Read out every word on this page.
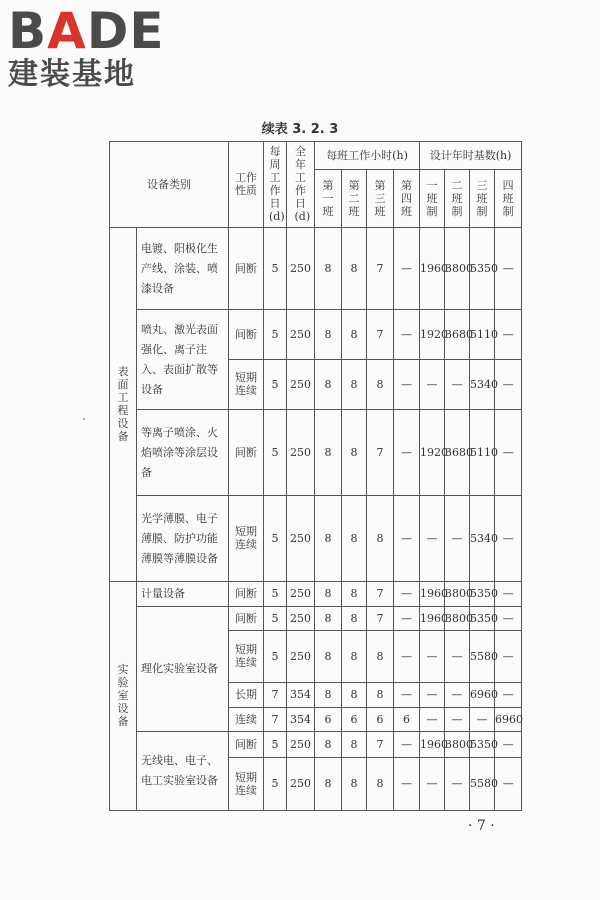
BADE
建装基地
续表 3. 2. 3
设备类别		工作性质	每周工作日(d)	全年工作日(d)	每班工作小时(h)				设计年时基数(h)			
					第一班	第二班	第三班	第四班	一班制	二班制	三班制	四班制
表面工程设备	电镀、阳极化生产线、涂装、喷漆设备	间断	5	250	8	8	7	—	1960	3800	5350	—
	喷丸、激光表面强化、离子注入、表面扩散等设备	间断	5	250	8	8	7	—	1920	3680	5110	—
		短期连续	5	250	8	8	8	—	—	—	5340	—
	等离子喷涂、火焰喷涂等涂层设备	间断	5	250	8	8	7	—	1920	3680	5110	—
	光学薄膜、电子薄膜、防护功能薄膜等薄膜设备	短期连续	5	250	8	8	8	—	—	—	5340	—
实验室设备	计量设备	间断	5	250	8	8	7	—	1960	3800	5350	—
	理化实验室设备	间断	5	250	8	8	7	—	1960	3800	5350	—
		短期连续	5	250	8	8	8	—	—	—	5580	—
		长期	7	354	8	8	8	—	—	—	6960	—
		连续	7	354	6	6	6	6	—	—	—	6960
	无线电、电子、电工实验室设备	间断	5	250	8	8	7	—	1960	3800	5350	—
		短期连续	5	250	8	8	8	—	—	—	5580	—
· 7 ·
